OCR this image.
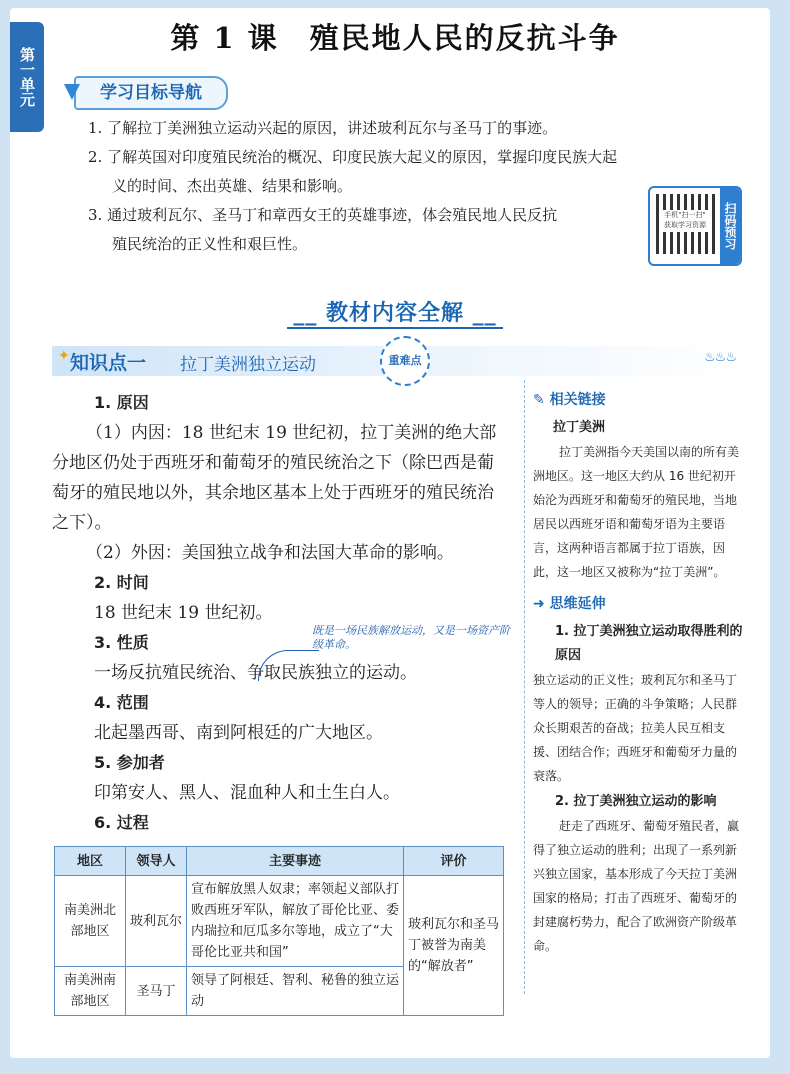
第一单元
第 1 课　殖民地人民的反抗斗争
学习目标导航

1. 了解拉丁美洲独立运动兴起的原因，讲述玻利瓦尔与圣马丁的事迹。

2. 了解英国对印度殖民统治的概况、印度民族大起义的原因，掌握印度民族大起
义的时间、杰出英雄、结果和影响。

3. 通过玻利瓦尔、圣马丁和章西女王的英雄事迹，体会殖民地人民反抗
殖民统治的正义性和艰巨性。

手机"扫一扫" 获取学习资源	扫码预习
__ 教材内容全解 __
✦ 知识点一 拉丁美洲独立运动	重难点	♨♨♨

1. 原因

（1）内因：18 世纪末 19 世纪初，拉丁美洲的绝大部分地区仍处于西班牙和葡萄牙的殖民统治之下（除巴西是葡萄牙的殖民地以外，其余地区基本上处于西班牙的殖民统治之下）。

（2）外因：美国独立战争和法国大革命的影响。

2. 时间

18 世纪末 19 世纪初。

3. 性质

一场反抗殖民统治、争取民族独立的运动。

4. 范围

北起墨西哥、南到阿根廷的广大地区。

5. 参加者

印第安人、黑人、混血种人和土生白人。

6. 过程

既是一场民族解放运动，又是一场资产阶级革命。
地区	领导人	主要事迹	评价
南美洲北部地区	玻利瓦尔	宣布解放黑人奴隶；率领起义部队打败西班牙军队，解放了哥伦比亚、委内瑞拉和厄瓜多尔等地，成立了“大哥伦比亚共和国”	玻利瓦尔和圣马丁被誉为南美的“解放者”
南美洲南部地区	圣马丁	领导了阿根廷、智利、秘鲁的独立运动	
✎ 相关链接
拉丁美洲

拉丁美洲指今天美国以南的所有美洲地区。这一地区大约从 16 世纪初开始沦为西班牙和葡萄牙的殖民地，当地居民以西班牙语和葡萄牙语为主要语言，这两种语言都属于拉丁语族，因此，这一地区又被称为“拉丁美洲”。

➜ 思维延伸
1. 拉丁美洲独立运动取得胜利的原因

独立运动的正义性；玻利瓦尔和圣马丁等人的领导；正确的斗争策略；人民群众长期艰苦的奋战；拉美人民互相支援、团结合作；西班牙和葡萄牙力量的衰落。

2. 拉丁美洲独立运动的影响

赶走了西班牙、葡萄牙殖民者，赢得了独立运动的胜利；出现了一系列新兴独立国家，基本形成了今天拉丁美洲国家的格局；打击了西班牙、葡萄牙的封建腐朽势力，配合了欧洲资产阶级革命。
